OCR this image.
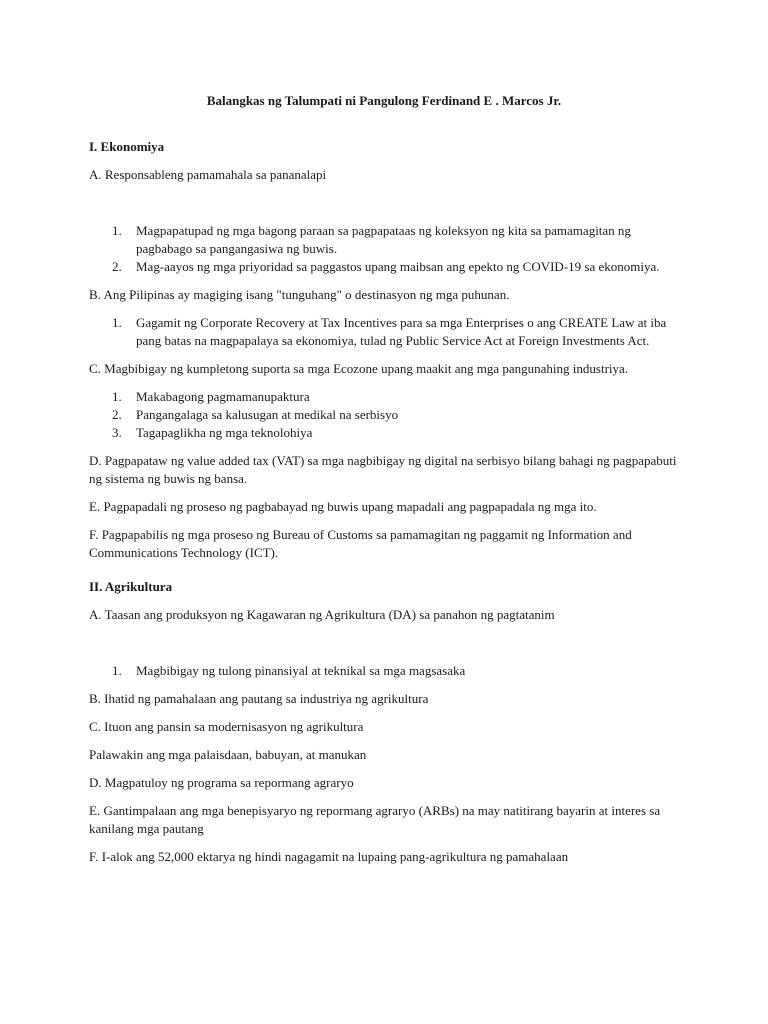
Balangkas ng Talumpati ni Pangulong Ferdinand E . Marcos Jr.

I. Ekonomiya

A. Responsableng pamamahala sa pananalapi

1. Magpapatupad ng mga bagong paraan sa pagpapataas ng koleksyon ng kita sa pamamagitan ng pagbabago sa pangangasiwa ng buwis.
2. Mag-aayos ng mga priyoridad sa paggastos upang maibsan ang epekto ng COVID-19 sa ekonomiya.

B. Ang Pilipinas ay magiging isang "tunguhang" o destinasyon ng mga puhunan.

1. Gagamit ng Corporate Recovery at Tax Incentives para sa mga Enterprises o ang CREATE Law at iba pang batas na magpapalaya sa ekonomiya, tulad ng Public Service Act at Foreign Investments Act.

C. Magbibigay ng kumpletong suporta sa mga Ecozone upang maakit ang mga pangunahing industriya.

1. Makabagong pagmamanupaktura
2. Pangangalaga sa kalusugan at medikal na serbisyo
3. Tagapaglikha ng mga teknolohiya

D. Pagpapataw ng value added tax (VAT) sa mga nagbibigay ng digital na serbisyo bilang bahagi ng pagpapabuti ng sistema ng buwis ng bansa.

E. Pagpapadali ng proseso ng pagbabayad ng buwis upang mapadali ang pagpapadala ng mga ito.

F. Pagpapabilis ng mga proseso ng Bureau of Customs sa pamamagitan ng paggamit ng Information and Communications Technology (ICT).

II. Agrikultura

A. Taasan ang produksyon ng Kagawaran ng Agrikultura (DA) sa panahon ng pagtatanim

1. Magbibigay ng tulong pinansiyal at teknikal sa mga magsasaka

B. Ihatid ng pamahalaan ang pautang sa industriya ng agrikultura

C. Ituon ang pansin sa modernisasyon ng agrikultura

Palawakin ang mga palaisdaan, babuyan, at manukan

D. Magpatuloy ng programa sa repormang agraryo

E. Gantimpalaan ang mga benepisyaryo ng repormang agraryo (ARBs) na may natitirang bayarin at interes sa kanilang mga pautang

F. I-alok ang 52,000 ektarya ng hindi nagagamit na lupaing pang-agrikultura ng pamahalaan
